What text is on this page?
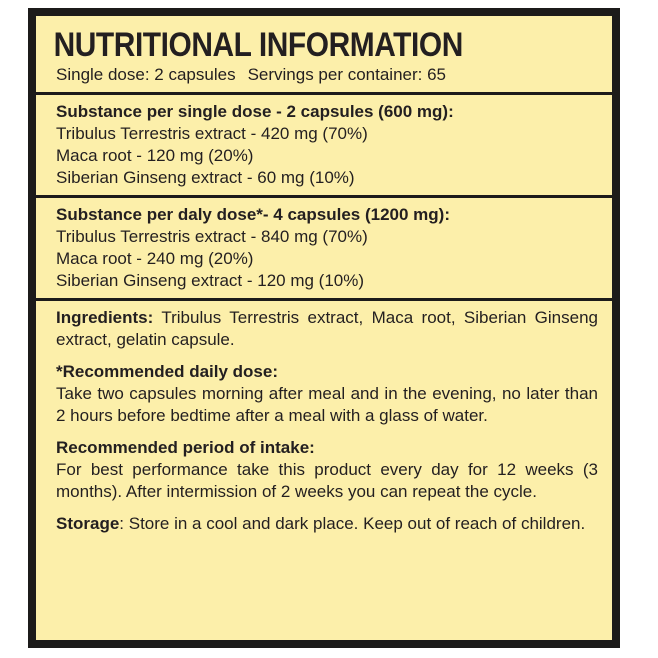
NUTRITIONAL INFORMATION
Single dose: 2 capsules Servings per container: 65
Substance per single dose - 2 capsules (600 mg):
Tribulus Terrestris extract - 420 mg (70%)
Maca root - 120 mg (20%)
Siberian Ginseng extract - 60 mg (10%)
Substance per daly dose*- 4 capsules (1200 mg):
Tribulus Terrestris extract - 840 mg (70%)
Maca root - 240 mg (20%)
Siberian Ginseng extract - 120 mg (10%)
Ingredients: Tribulus Terrestris extract, Maca root, Siberian Ginseng extract, gelatin capsule.
*Recommended daily dose:
Take two capsules morning after meal and in the evening, no later than 2 hours before bedtime after a meal with a glass of water.
Recommended period of intake:
For best performance take this product every day for 12 weeks (3 months). After intermission of 2 weeks you can repeat the cycle.
Storage: Store in a cool and dark place. Keep out of reach of children.
